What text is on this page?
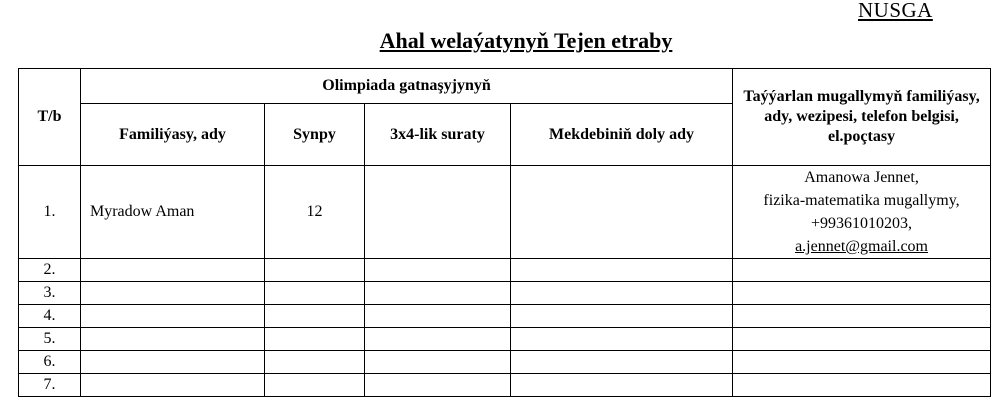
NUSGA
Ahal welaýatynyň Tejen etraby
T/b	Olimpiada gatnaşyjynyň				Taýýarlan mugallymyň familiýasy, ady, wezipesi, telefon belgisi, el.poçtasy
	Familiýasy, ady	Synpy	3x4-lik suraty	Mekdebiniň doly ady	
1.	Myradow Aman	12			Amanowa Jennet,
fizika-matematika mugallymy,
+99361010203,
a.jennet@gmail.com

2.					
3.					
4.					
5.					
6.					
7.					
